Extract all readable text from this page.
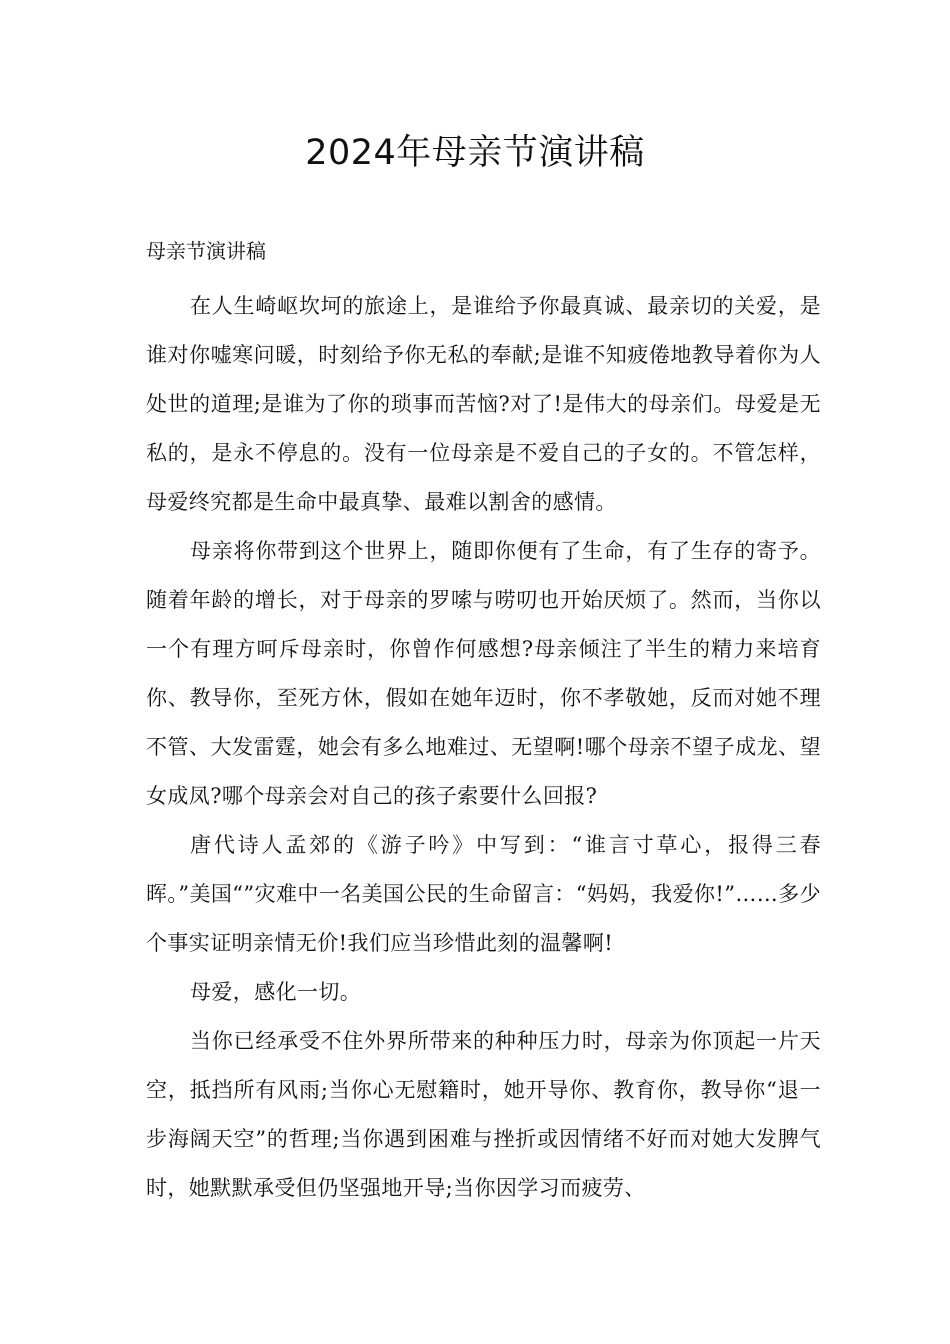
2024年母亲节演讲稿
母亲节演讲稿

在人生崎岖坎坷的旅途上，是谁给予你最真诚、最亲切的关爱，是谁对你嘘寒问暖，时刻给予你无私的奉献;是谁不知疲倦地教导着你为人处世的道理;是谁为了你的琐事而苦恼?对了!是伟大的母亲们。母爱是无私的，是永不停息的。没有一位母亲是不爱自己的子女的。不管怎样，母爱终究都是生命中最真挚、最难以割舍的感情。

母亲将你带到这个世界上，随即你便有了生命，有了生存的寄予。随着年龄的增长，对于母亲的罗嗦与唠叨也开始厌烦了。然而，当你以一个有理方呵斥母亲时，你曾作何感想?母亲倾注了半生的精力来培育你、教导你，至死方休，假如在她年迈时，你不孝敬她，反而对她不理不管、大发雷霆，她会有多么地难过、无望啊!哪个母亲不望子成龙、望女成凤?哪个母亲会对自己的孩子索要什么回报?

唐代诗人孟郊的《游子吟》中写到：“谁言寸草心，报得三春晖。”美国“”灾难中一名美国公民的生命留言：“妈妈，我爱你!”……多少个事实证明亲情无价!我们应当珍惜此刻的温馨啊!

母爱，感化一切。

当你已经承受不住外界所带来的种种压力时，母亲为你顶起一片天空，抵挡所有风雨;当你心无慰籍时，她开导你、教育你，教导你“退一步海阔天空”的哲理;当你遇到困难与挫折或因情绪不好而对她大发脾气时，她默默承受但仍坚强地开导;当你因学习而疲劳、
